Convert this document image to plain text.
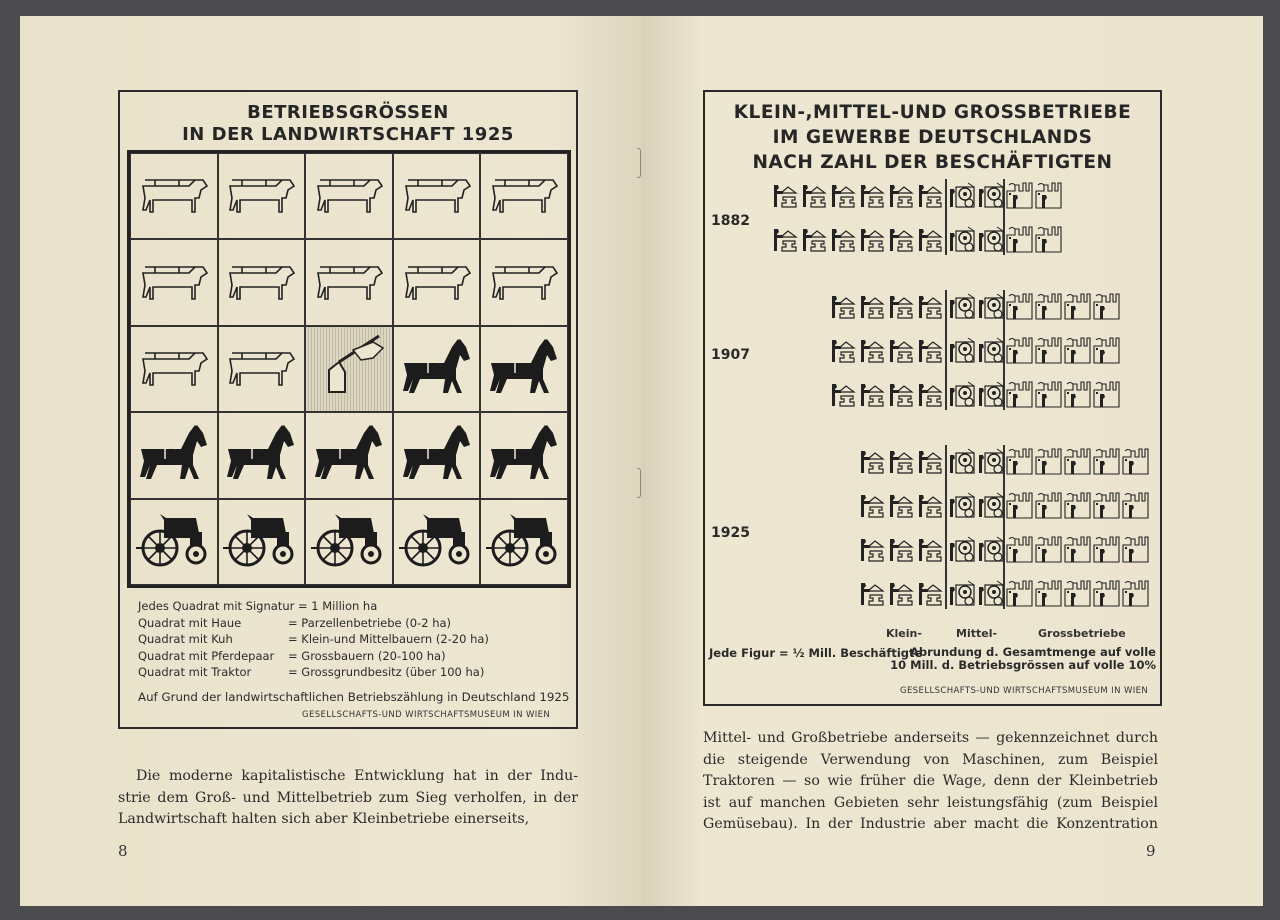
BETRIEBSGRÖSSEN
IN DER LANDWIRTSCHAFT 1925
Jedes Quadrat mit Signatur = 1 Million ha
Quadrat mit Haue	= Parzellenbetriebe (0-2 ha)
Quadrat mit Kuh	= Klein-und Mittelbauern (2-20 ha)
Quadrat mit Pferdepaar = Grossbauern (20-100 ha)
Quadrat mit Traktor	= Grossgrundbesitz (über 100 ha)
Auf Grund der landwirtschaftlichen Betriebszählung in Deutschland 1925
GESELLSCHAFTS-UND WIRTSCHAFTSMUSEUM IN WIEN
Die moderne kapitalistische Entwicklung hat in der Indu-
strie dem Groß- und Mittelbetrieb zum Sieg verholfen, in der
Landwirtschaft halten sich aber Kleinbetriebe einerseits,
8
KLEIN-,MITTEL-UND GROSSBETRIEBE
IM GEWERBE DEUTSCHLANDS
NACH ZAHL DER BESCHÄFTIGTEN
1882
1907
1925
Klein-	Mittel-	Grossbetriebe
Jede Figur = ½ Mill. Beschäftigte
Abrundung d. Gesamtmenge auf volle
10 Mill. d. Betriebsgrössen auf volle 10%
GESELLSCHAFTS-UND WIRTSCHAFTSMUSEUM IN WIEN
Mittel- und Großbetriebe anderseits — gekennzeichnet durch
die steigende Verwendung von Maschinen, zum Beispiel
Traktoren — so wie früher die Wage, denn der Kleinbetrieb
ist auf manchen Gebieten sehr leistungsfähig (zum Beispiel
Gemüsebau). In der Industrie aber macht die Konzentration
9
